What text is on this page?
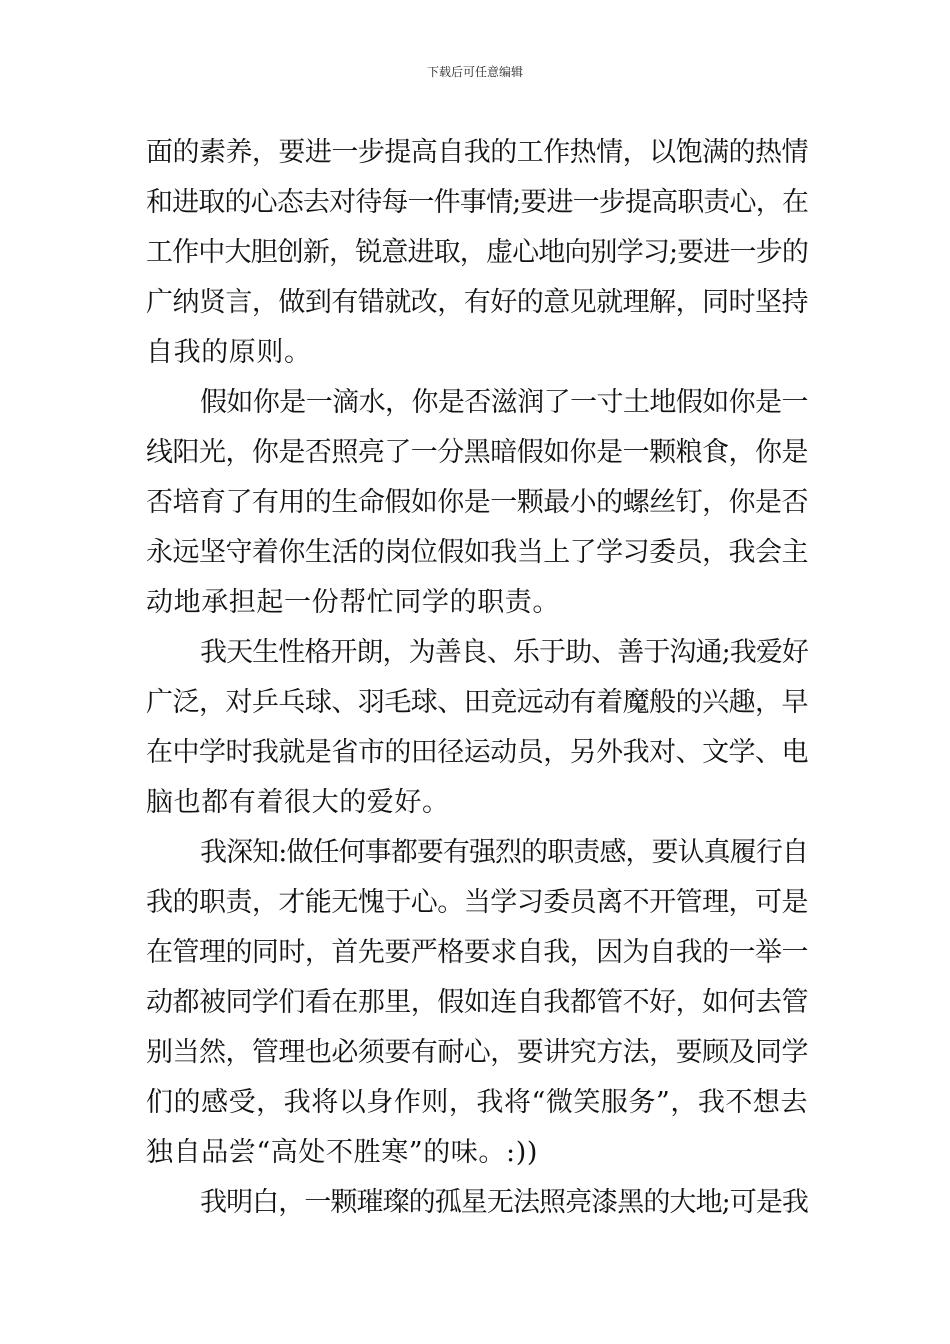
下载后可任意编辑
面的素养，要进一步提高自我的工作热情，以饱满的热情
和进取的心态去对待每一件事情;要进一步提高职责心，在
工作中大胆创新，锐意进取，虚心地向别学习;要进一步的
广纳贤言，做到有错就改，有好的意见就理解，同时坚持
自我的原则。
假如你是一滴水，你是否滋润了一寸土地假如你是一
线阳光，你是否照亮了一分黑暗假如你是一颗粮食，你是
否培育了有用的生命假如你是一颗最小的螺丝钉，你是否
永远坚守着你生活的岗位假如我当上了学习委员，我会主
动地承担起一份帮忙同学的职责。
我天生性格开朗，为善良、乐于助、善于沟通;我爱好
广泛，对乒乓球、羽毛球、田竞远动有着魔般的兴趣，早
在中学时我就是省市的田径运动员，另外我对、文学、电
脑也都有着很大的爱好。
我深知:做任何事都要有强烈的职责感，要认真履行自
我的职责，才能无愧于心。当学习委员离不开管理，可是
在管理的同时，首先要严格要求自我，因为自我的一举一
动都被同学们看在那里，假如连自我都管不好，如何去管
别当然，管理也必须要有耐心，要讲究方法，要顾及同学
们的感受，我将以身作则，我将“微笑服务”，我不想去
独自品尝“高处不胜寒”的味。:))
我明白，一颗璀璨的孤星无法照亮漆黑的大地;可是我
